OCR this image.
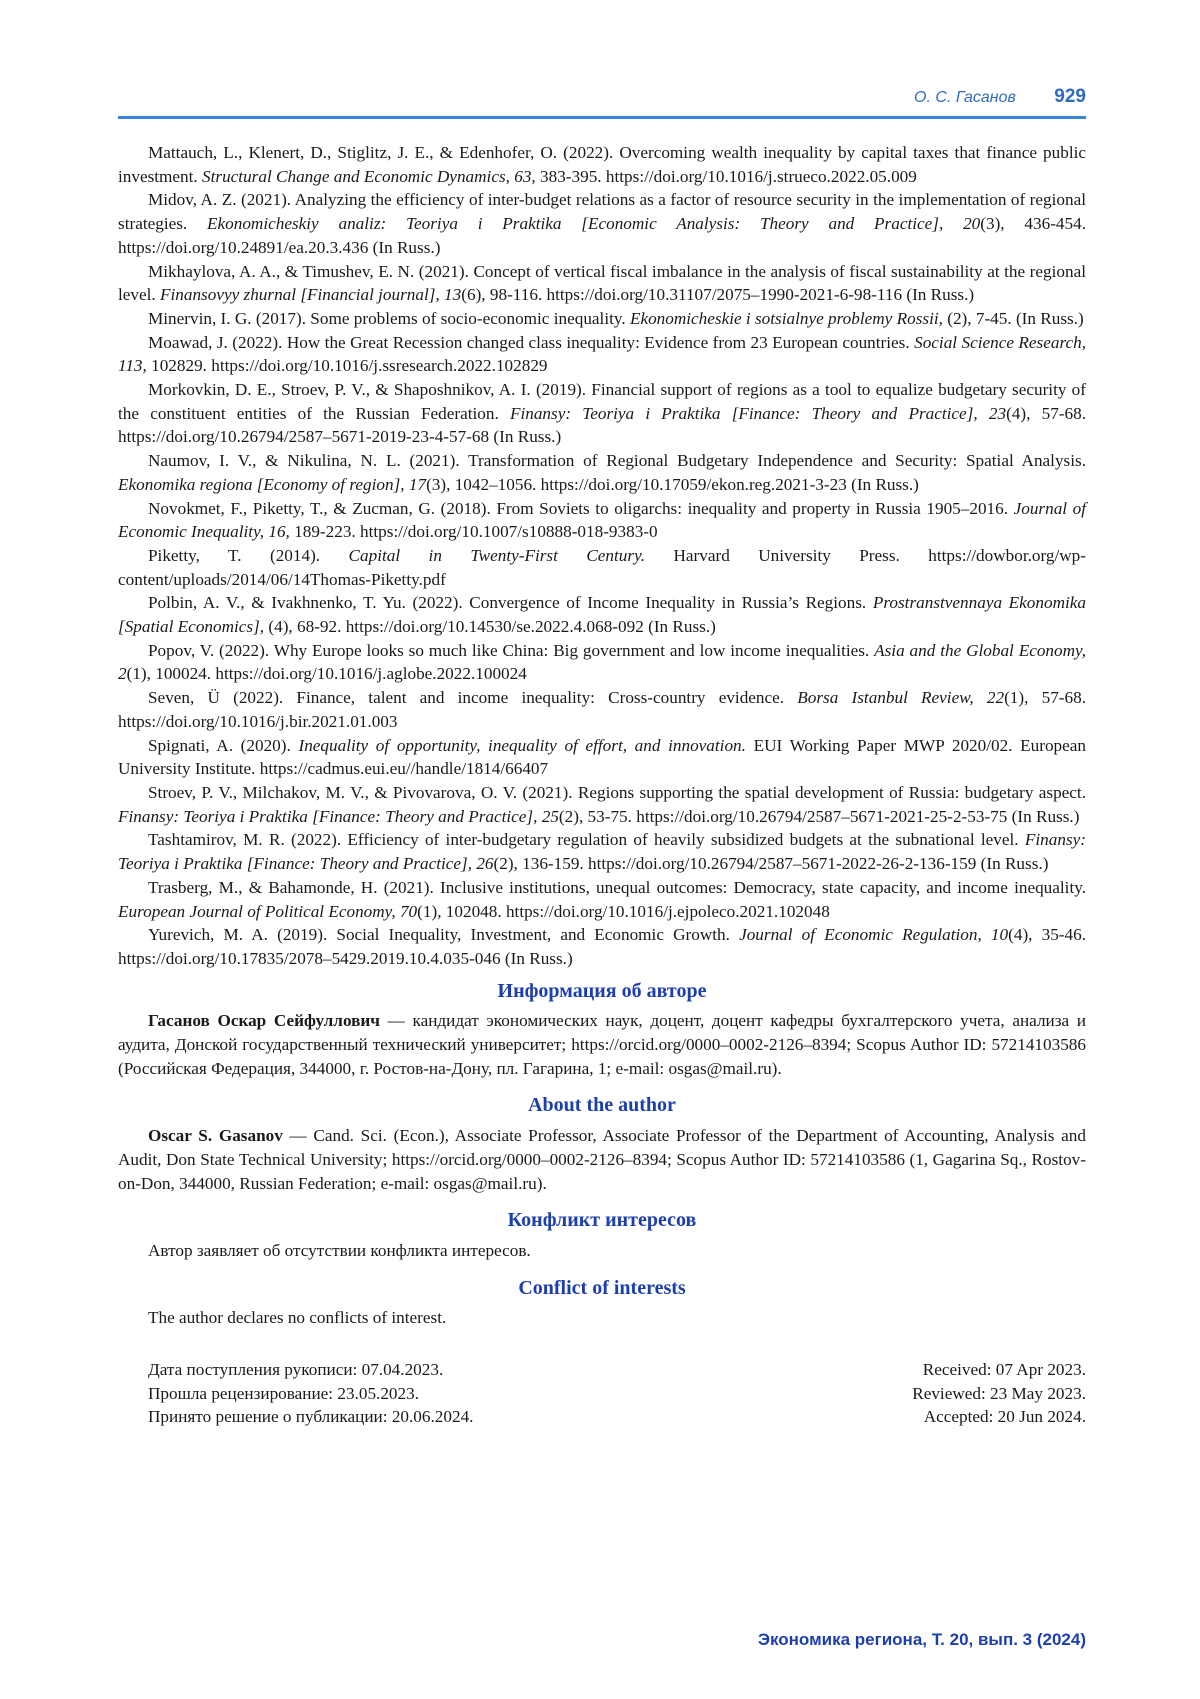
О. С. Гасанов 929

Mattauch, L., Klenert, D., Stiglitz, J. E., & Edenhofer, O. (2022). Overcoming wealth inequality by capital taxes that finance public investment. Structural Change and Economic Dynamics, 63, 383-395. https://doi.org/10.1016/j.strueco.2022.05.009

Midov, A. Z. (2021). Analyzing the efficiency of inter-budget relations as a factor of resource security in the implementation of regional strategies. Ekonomicheskiy analiz: Teoriya i Praktika [Economic Analysis: Theory and Practice], 20(3), 436-454. https://doi.org/10.24891/ea.20.3.436 (In Russ.)

Mikhaylova, A. A., & Timushev, E. N. (2021). Concept of vertical fiscal imbalance in the analysis of fiscal sustainability at the regional level. Finansovyy zhurnal [Financial journal], 13(6), 98-116. https://doi.org/10.31107/2075–1990-2021-6-98-116 (In Russ.)

Minervin, I. G. (2017). Some problems of socio-economic inequality. Ekonomicheskie i sotsialnye problemy Rossii, (2), 7-45. (In Russ.)

Moawad, J. (2022). How the Great Recession changed class inequality: Evidence from 23 European countries. Social Science Research, 113, 102829. https://doi.org/10.1016/j.ssresearch.2022.102829

Morkovkin, D. E., Stroev, P. V., & Shaposhnikov, A. I. (2019). Financial support of regions as a tool to equalize budgetary security of the constituent entities of the Russian Federation. Finansy: Teoriya i Praktika [Finance: Theory and Practice], 23(4), 57-68. https://doi.org/10.26794/2587–5671-2019-23-4-57-68 (In Russ.)

Naumov, I. V., & Nikulina, N. L. (2021). Transformation of Regional Budgetary Independence and Security: Spatial Analysis. Ekonomika regiona [Economy of region], 17(3), 1042–1056. https://doi.org/10.17059/ekon.reg.2021-3-23 (In Russ.)

Novokmet, F., Piketty, T., & Zucman, G. (2018). From Soviets to oligarchs: inequality and property in Russia 1905–2016. Journal of Economic Inequality, 16, 189-223. https://doi.org/10.1007/s10888-018-9383-0

Piketty, T. (2014). Capital in Twenty-First Century. Harvard University Press. https://dowbor.org/wp-content/uploads/2014/06/14Thomas-Piketty.pdf

Polbin, A. V., & Ivakhnenko, T. Yu. (2022). Convergence of Income Inequality in Russia’s Regions. Prostranstvennaya Ekonomika [Spatial Economics], (4), 68-92. https://doi.org/10.14530/se.2022.4.068-092 (In Russ.)

Popov, V. (2022). Why Europe looks so much like China: Big government and low income inequalities. Asia and the Global Economy, 2(1), 100024. https://doi.org/10.1016/j.aglobe.2022.100024

Seven, Ü (2022). Finance, talent and income inequality: Cross-country evidence. Borsa Istanbul Review, 22(1), 57-68. https://doi.org/10.1016/j.bir.2021.01.003

Spignati, A. (2020). Inequality of opportunity, inequality of effort, and innovation. EUI Working Paper MWP 2020/02. European University Institute. https://cadmus.eui.eu//handle/1814/66407

Stroev, P. V., Milchakov, M. V., & Pivovarova, O. V. (2021). Regions supporting the spatial development of Russia: budgetary aspect. Finansy: Teoriya i Praktika [Finance: Theory and Practice], 25(2), 53-75. https://doi.org/10.26794/2587–5671-2021-25-2-53-75 (In Russ.)

Tashtamirov, M. R. (2022). Efficiency of inter-budgetary regulation of heavily subsidized budgets at the subnational level. Finansy: Teoriya i Praktika [Finance: Theory and Practice], 26(2), 136-159. https://doi.org/10.26794/2587–5671-2022-26-2-136-159 (In Russ.)

Trasberg, M., & Bahamonde, H. (2021). Inclusive institutions, unequal outcomes: Democracy, state capacity, and income inequality. European Journal of Political Economy, 70(1), 102048. https://doi.org/10.1016/j.ejpoleco.2021.102048

Yurevich, M. A. (2019). Social Inequality, Investment, and Economic Growth. Journal of Economic Regulation, 10(4), 35-46. https://doi.org/10.17835/2078–5429.2019.10.4.035-046 (In Russ.)

Информация об авторе

Гасанов Оскар Сейфуллович — кандидат экономических наук, доцент, доцент кафедры бухгалтерского учета, анализа и аудита, Донской государственный технический университет; https://orcid.org/0000–0002-2126–8394; Scopus Author ID: 57214103586 (Российская Федерация, 344000, г. Ростов-на-Дону, пл. Гагарина, 1; e-mail: osgas@mail.ru).

About the author

Oscar S. Gasanov — Cand. Sci. (Econ.), Associate Professor, Associate Professor of the Department of Accounting, Analysis and Audit, Don State Technical University; https://orcid.org/0000–0002-2126–8394; Scopus Author ID: 57214103586 (1, Gagarina Sq., Rostov-on-Don, 344000, Russian Federation; e-mail: osgas@mail.ru).

Конфликт интересов

Автор заявляет об отсутствии конфликта интересов.

Conflict of interests

The author declares no conflicts of interest.

Дата поступления рукописи: 07.04.2023.

Прошла рецензирование: 23.05.2023.

Принято решение о публикации: 20.06.2024.

Received: 07 Apr 2023.

Reviewed: 23 May 2023.

Accepted: 20 Jun 2024.

Экономика региона, Т. 20, вып. 3 (2024)
